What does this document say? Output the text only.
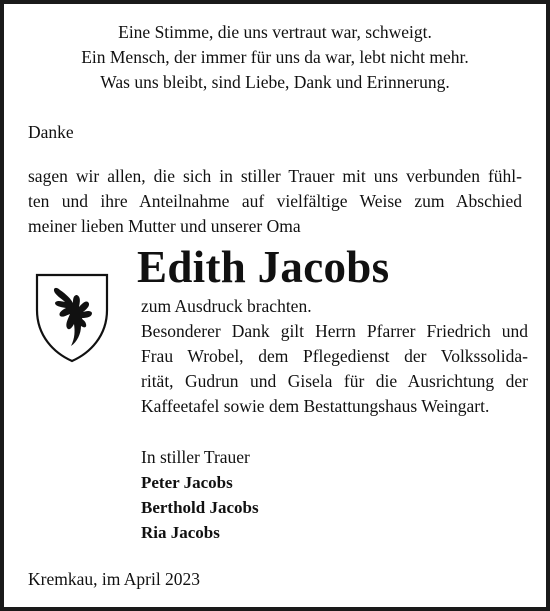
Eine Stimme, die uns vertraut war, schweigt.
Ein Mensch, der immer für uns da war, lebt nicht mehr.
Was uns bleibt, sind Liebe, Dank und Erinnerung.
Danke
sagen wir allen, die sich in stiller Trauer mit uns verbunden fühl-
ten und ihre Anteilnahme auf vielfältige Weise zum Abschied
meiner lieben Mutter und unserer Oma
Edith Jacobs
zum Ausdruck brachten.
Besonderer Dank gilt Herrn Pfarrer Friedrich und
Frau Wrobel, dem Pflegedienst der Volkssolida-
rität, Gudrun und Gisela für die Ausrichtung der
Kaffeetafel sowie dem Bestattungshaus Weingart.
In stiller Trauer
Peter Jacobs
Berthold Jacobs
Ria Jacobs
Kremkau, im April 2023
